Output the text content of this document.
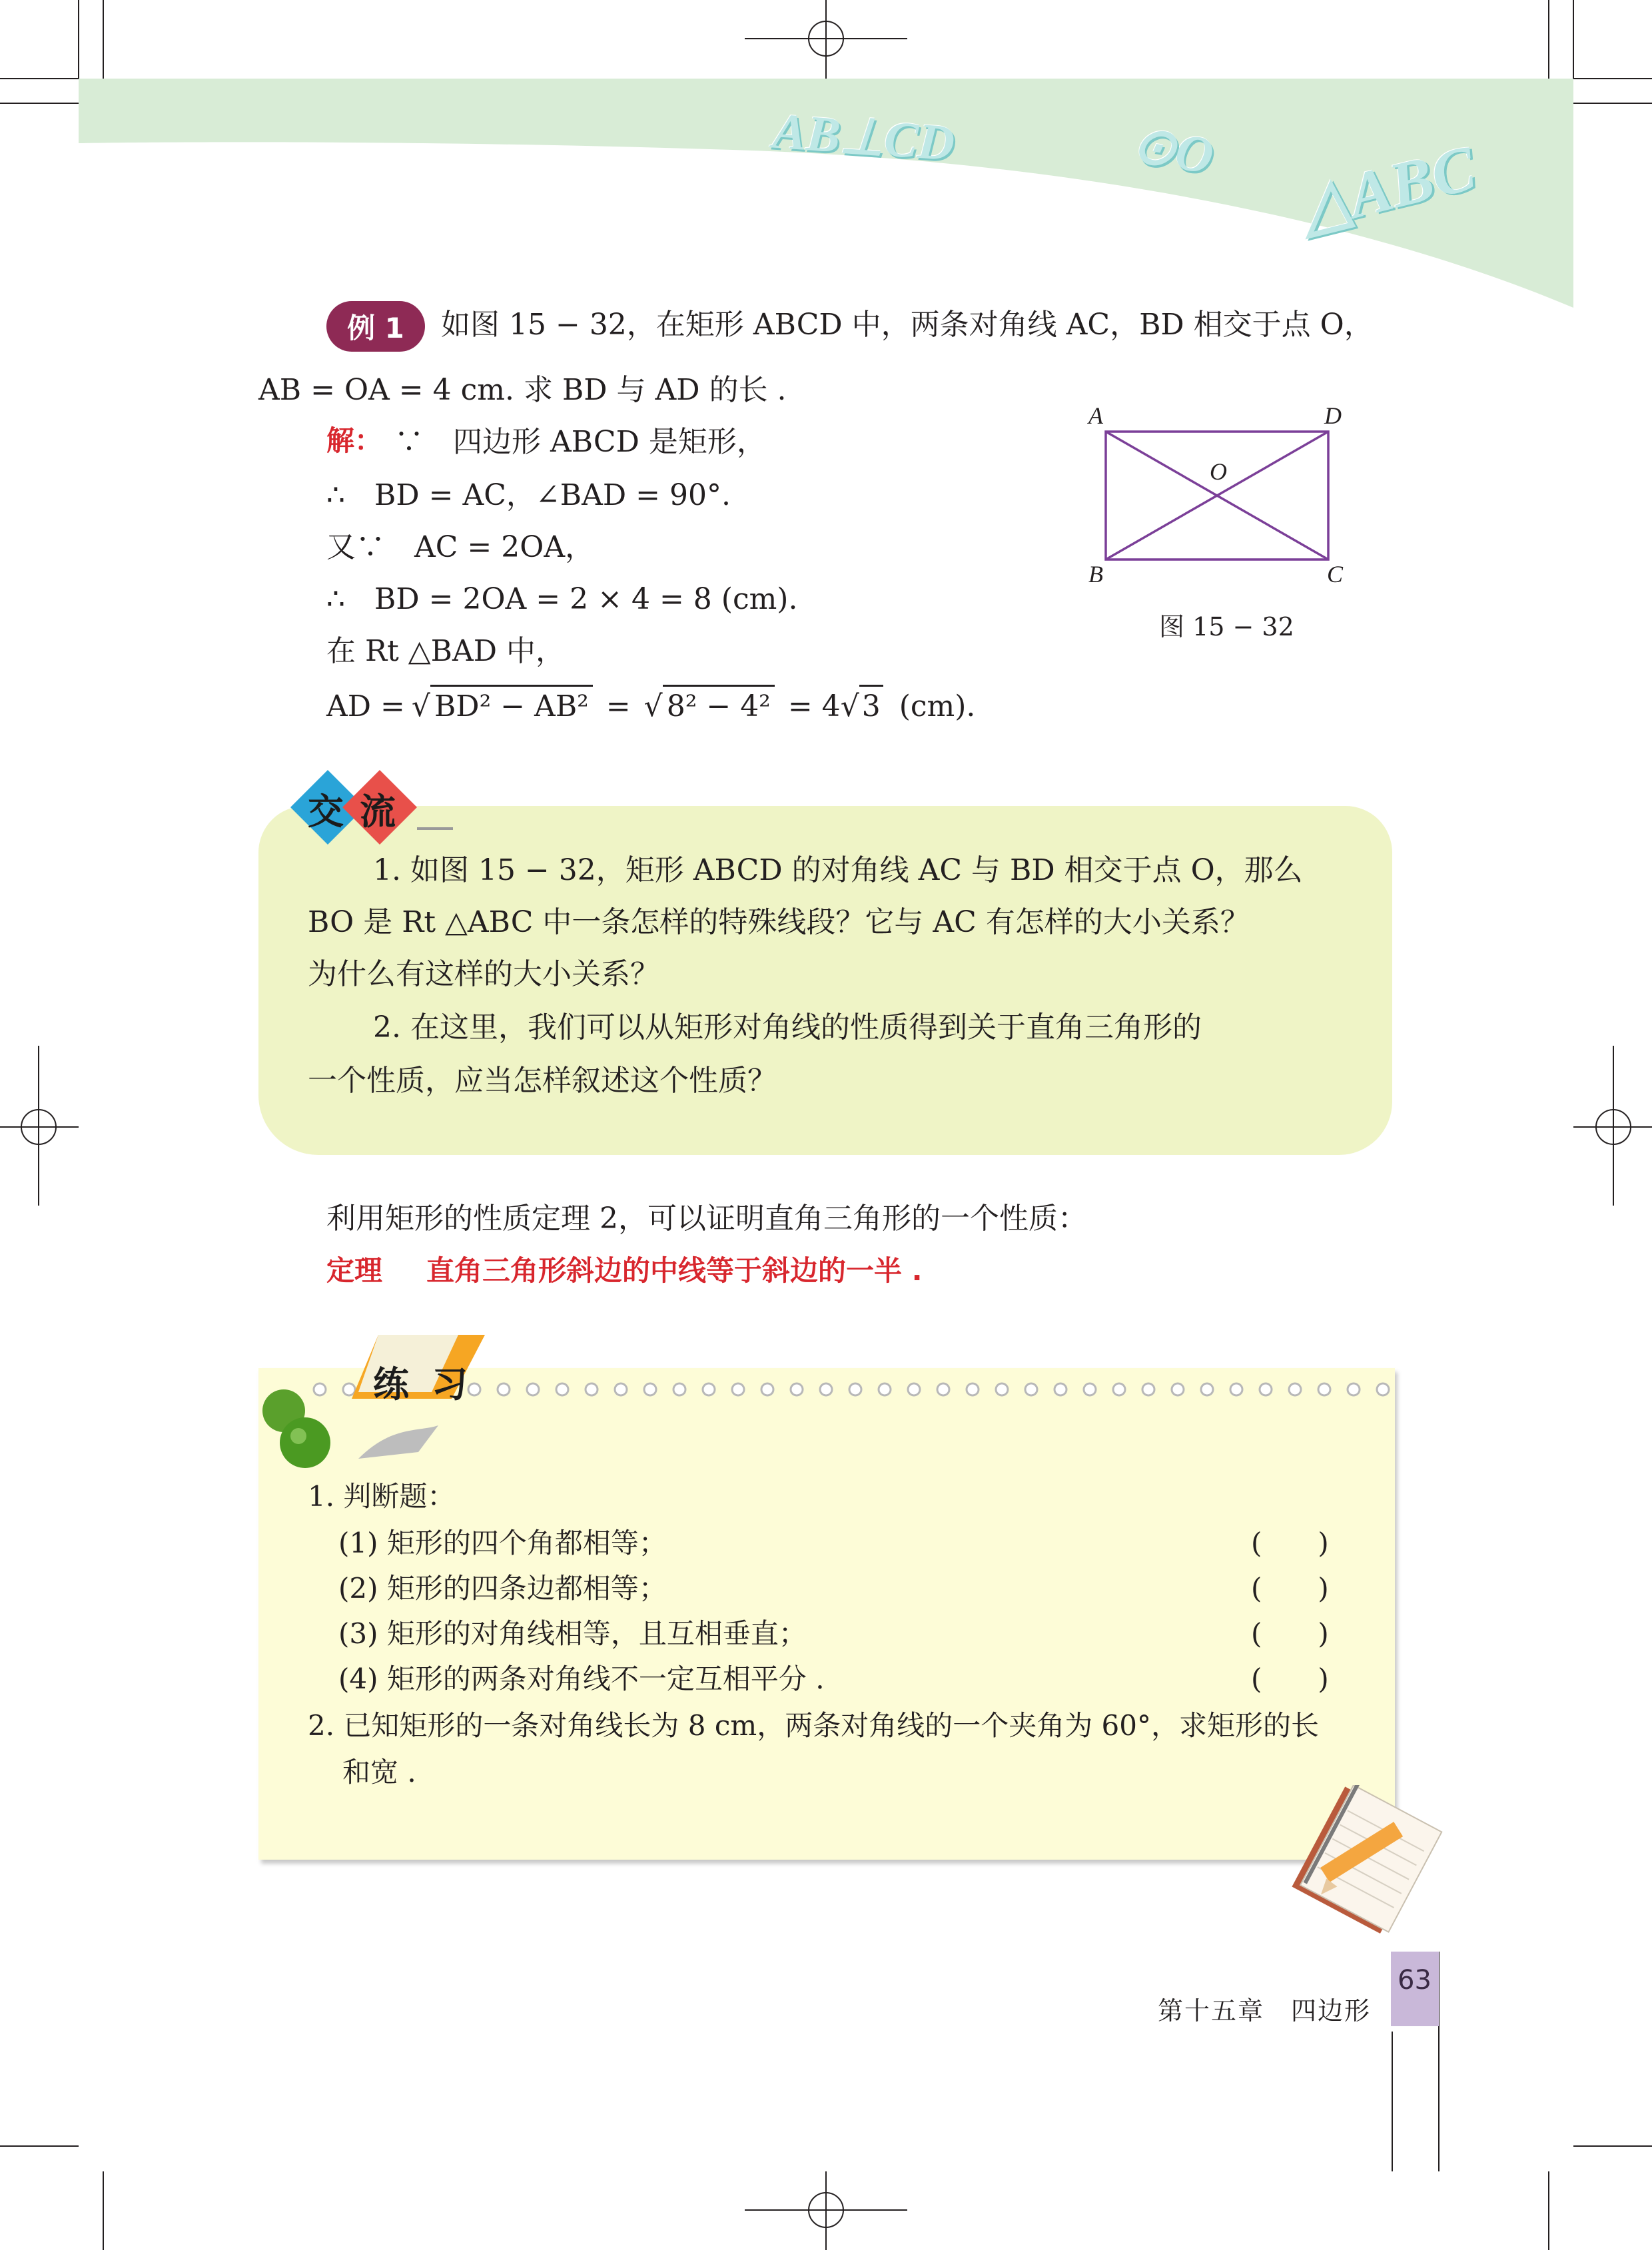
AB⊥CD	⊙O △ABC
例 1	如图 15 − 32，在矩形 ABCD 中，两条对角线 AC，BD 相交于点 O，
AB = OA = 4 cm. 求 BD 与 AD 的长 .
解： ∵　四边形 ABCD 是矩形，
∴　BD = AC，∠BAD = 90°.
又∵　AC = 2OA，
∴　BD = 2OA = 2 × 4 = 8 (cm).
在 Rt △BAD 中，
AD = √ BD² − AB² = √ 8² − 4² = 4 √ 3 (cm).
A	D
O
B	C
图 15 − 32
交 流
1. 如图 15 − 32，矩形 ABCD 的对角线 AC 与 BD 相交于点 O，那么
BO 是 Rt △ABC 中一条怎样的特殊线段？它与 AC 有怎样的大小关系？
为什么有这样的大小关系？
2. 在这里，我们可以从矩形对角线的性质得到关于直角三角形的
一个性质，应当怎样叙述这个性质？
利用矩形的性质定理 2，可以证明直角三角形的一个性质：
定理 直角三角形斜边的中线等于斜边的一半 .
练 习
1. 判断题：
(1) 矩形的四个角都相等；	(　　)
(2) 矩形的四条边都相等；	(　　)
(3) 矩形的对角线相等，且互相垂直；	(　　)
(4) 矩形的两条对角线不一定互相平分 .	(　　)
2. 已知矩形的一条对角线长为 8 cm，两条对角线的一个夹角为 60°，求矩形的长
和宽 .
第十五章　四边形
63
